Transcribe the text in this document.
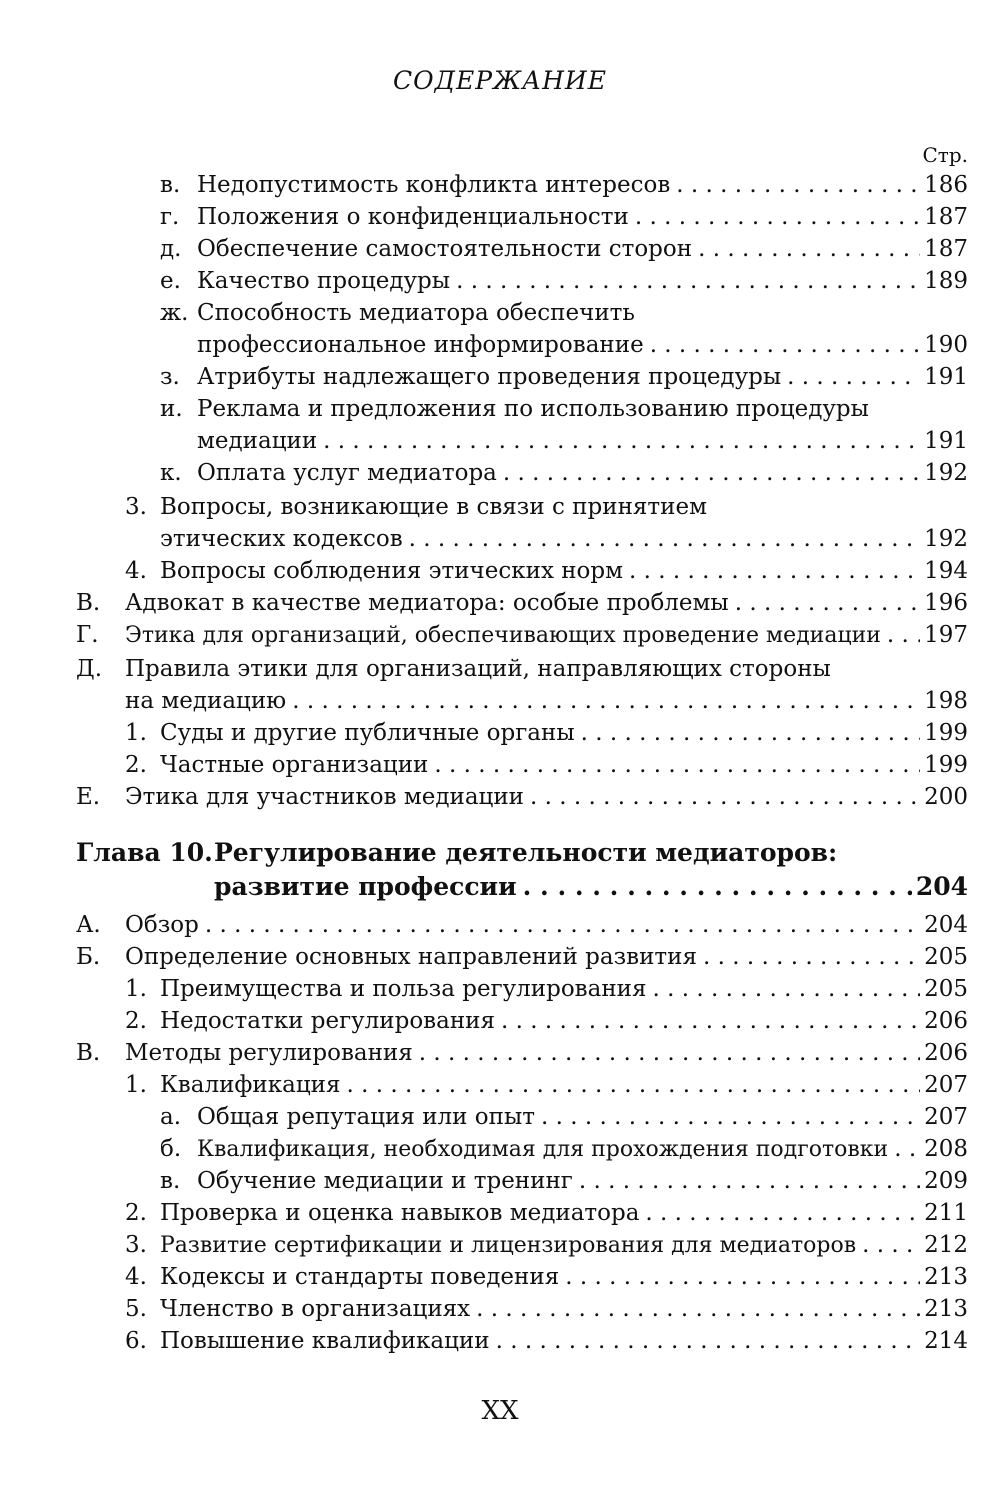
СОДЕРЖАНИЕ
Стр.
в. Недопустимость конфликта интересов . . .	186
г. Положения о конфиденциальности . . .	187
д. Обеспечение самостоятельности сторон . . .	187
е. Качество процедуры . . .	189
ж. Способность медиатора обеспечить
профессиональное информирование . . .	190
з. Атрибуты надлежащего проведения процедуры . . .	191
и. Реклама и предложения по использованию процедуры
медиации . . .	191
к. Оплата услуг медиатора . . .	192
3. Вопросы, возникающие в связи с принятием
этических кодексов . . .	192
4. Вопросы соблюдения этических норм . . .	194
В.	Адвокат в качестве медиатора: особые проблемы . . .	196
Г.	Этика для организаций, обеспечивающих проведение медиации . . . 197
Д. Правила этики для организаций, направляющих стороны
на медиацию . . .	198
1. Суды и другие публичные органы . . .	199
2. Частные организации . . .	199
Е.	Этика для участников медиации . . .	200
Глава 10.Регулирование деятельности медиаторов:
развитие профессии . . .	204
А.	Обзор . . .	204
Б.	Определение основных направлений развития . . .	205
1. Преимущества и польза регулирования . . .	205
2. Недостатки регулирования . . .	206
В.	Методы регулирования . . .	206
1. Квалификация . . .	207
а. Общая репутация или опыт . . .	207
б. Квалификация, необходимая для прохождения подготовки . . . 208
в. Обучение медиации и тренинг . . .	209
2. Проверка и оценка навыков медиатора . . .	211
3. Развитие сертификации и лицензирования для медиаторов . . .	212
4. Кодексы и стандарты поведения . . .	213
5. Членство в организациях . . .	213
6. Повышение квалификации . . .	214
XX
